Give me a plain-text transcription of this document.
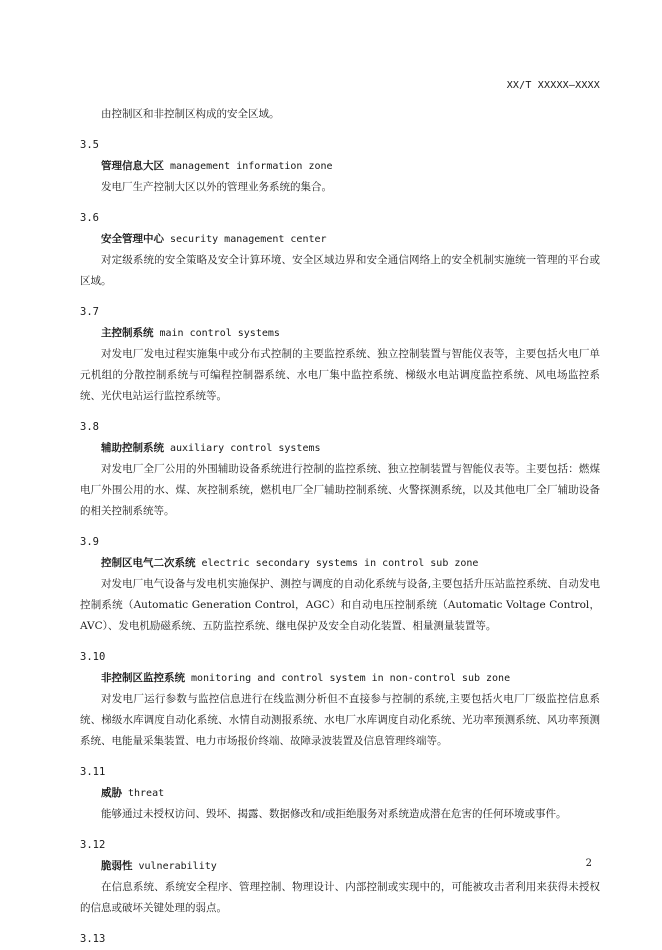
XX/T XXXXX—XXXX

由控制区和非控制区构成的安全区域。

3.5

管理信息大区 management information zone

发电厂生产控制大区以外的管理业务系统的集合。

3.6

安全管理中心 security management center

对定级系统的安全策略及安全计算环境、安全区域边界和安全通信网络上的安全机制实施统一管理的平台或区域。

3.7

主控制系统 main control systems

对发电厂发电过程实施集中或分布式控制的主要监控系统、独立控制装置与智能仪表等，主要包括火电厂单元机组的分散控制系统与可编程控制器系统、水电厂集中监控系统、梯级水电站调度监控系统、风电场监控系统、光伏电站运行监控系统等。

3.8

辅助控制系统 auxiliary control systems

对发电厂全厂公用的外围辅助设备系统进行控制的监控系统、独立控制装置与智能仪表等。主要包括：燃煤电厂外围公用的水、煤、灰控制系统，燃机电厂全厂辅助控制系统、火警探测系统，以及其他电厂全厂辅助设备的相关控制系统等。

3.9

控制区电气二次系统 electric secondary systems in control sub zone

对发电厂电气设备与发电机实施保护、测控与调度的自动化系统与设备,主要包括升压站监控系统、自动发电控制系统（Automatic Generation Control，AGC）和自动电压控制系统（Automatic Voltage Control，AVC）、发电机励磁系统、五防监控系统、继电保护及安全自动化装置、相量测量装置等。

3.10

非控制区监控系统 monitoring and control system in non-control sub zone

对发电厂运行参数与监控信息进行在线监测分析但不直接参与控制的系统,主要包括火电厂厂级监控信息系统、梯级水库调度自动化系统、水情自动测报系统、水电厂水库调度自动化系统、光功率预测系统、风功率预测系统、电能量采集装置、电力市场报价终端、故障录波装置及信息管理终端等。

3.11

威胁 threat

能够通过未授权访问、毁坏、揭露、数据修改和/或拒绝服务对系统造成潜在危害的任何环境或事件。

3.12

脆弱性 vulnerability

在信息系统、系统安全程序、管理控制、物理设计、内部控制或实现中的，可能被攻击者利用来获得未授权的信息或破坏关键处理的弱点。

3.13

2
